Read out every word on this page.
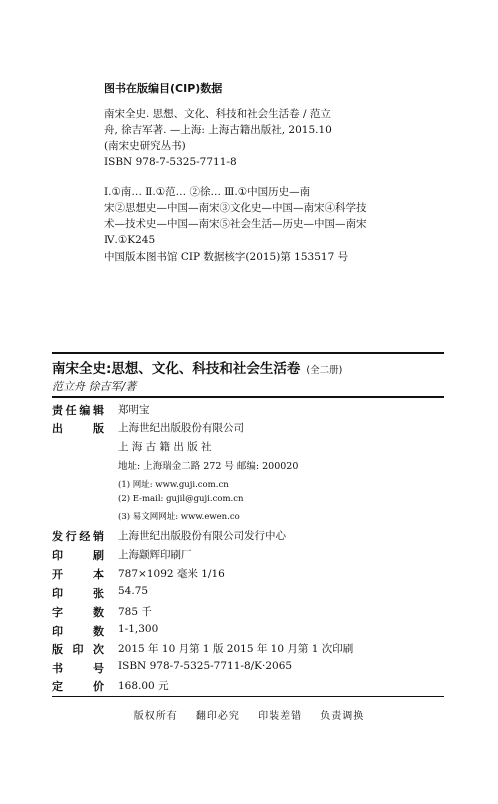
图书在版编目(CIP)数据
南宋全史. 思想、文化、科技和社会生活卷 / 范立
舟, 徐吉军著. —上海: 上海古籍出版社, 2015.10
(南宋史研究丛书)
ISBN 978-7-5325-7711-8
Ⅰ.①南… Ⅱ.①范… ②徐… Ⅲ.①中国历史—南
宋②思想史—中国—南宋③文化史—中国—南宋④科学技
术—技术史—中国—南宋⑤社会生活—历史—中国—南宋
Ⅳ.①K245
中国版本图书馆 CIP 数据核字(2015)第 153517 号
南宋全史:思想、文化、科技和社会生活卷 (全二册)
范立舟 徐吉军/著
责任编辑 郑明宝
出版 上海世纪出版股份有限公司
上 海 古 籍 出 版 社
地址: 上海瑞金二路 272 号 邮编: 200020
(1) 网址: www.guji.com.cn
(2) E-mail: gujil@guji.com.cn
(3) 易文网网址: www.ewen.co
发行经销 上海世纪出版股份有限公司发行中心
印刷 上海颛辉印刷厂
开本 787×1092 毫米 1/16
印张 54.75
字数 785 千
印数 1-1,300
版印次 2015 年 10 月第 1 版 2015 年 10 月第 1 次印刷
书号 ISBN 978-7-5325-7711-8/K·2065
定价 168.00 元
版权所有 翻印必究 印装差错 负责调换
